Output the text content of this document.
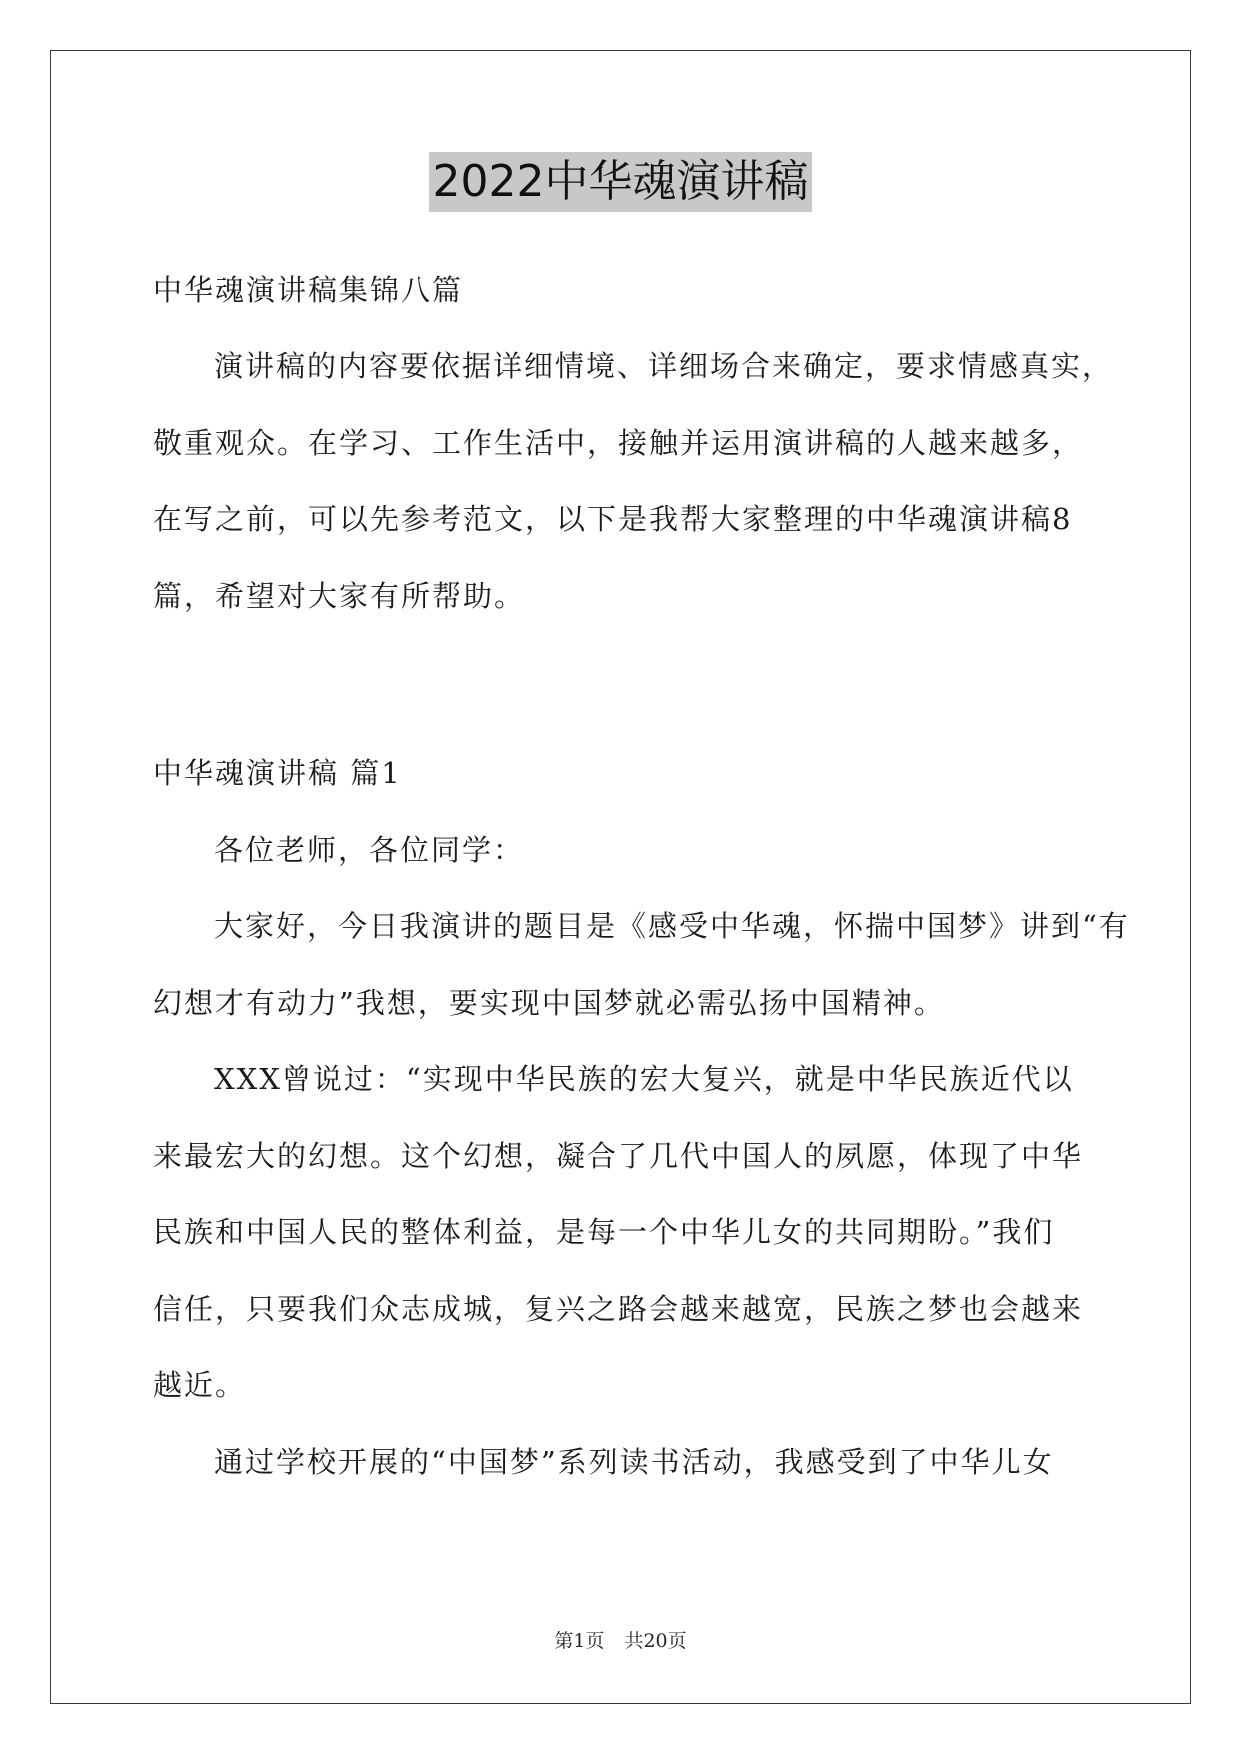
2022中华魂演讲稿
中华魂演讲稿集锦八篇
演讲稿的内容要依据详细情境、详细场合来确定，要求情感真实，
敬重观众。在学习、工作生活中，接触并运用演讲稿的人越来越多，
在写之前，可以先参考范文，以下是我帮大家整理的中华魂演讲稿8
篇，希望对大家有所帮助。
中华魂演讲稿 篇1
各位老师，各位同学：
大家好，今日我演讲的题目是《感受中华魂，怀揣中国梦》讲到“有
幻想才有动力”我想，要实现中国梦就必需弘扬中国精神。
XXX曾说过：“实现中华民族的宏大复兴，就是中华民族近代以
来最宏大的幻想。这个幻想，凝合了几代中国人的夙愿，体现了中华
民族和中国人民的整体利益，是每一个中华儿女的共同期盼。”我们
信任，只要我们众志成城，复兴之路会越来越宽，民族之梦也会越来
越近。
通过学校开展的“中国梦”系列读书活动，我感受到了中华儿女
第1页 共20页
